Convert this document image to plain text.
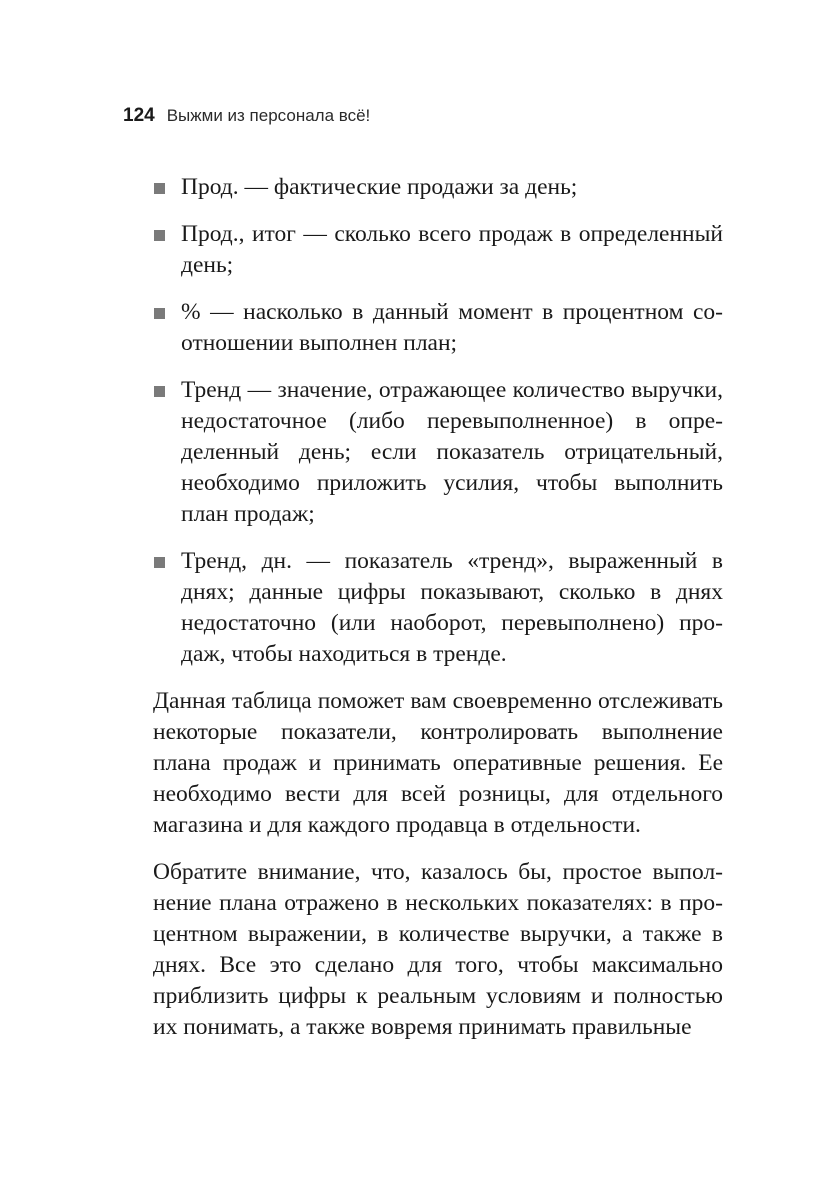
124 Выжми из персонала всё!
Прод. — фактические продажи за день;
Прод., итог — сколько всего продаж в определенный день;
% — насколько в данный момент в процентном соотношении выполнен план;
Тренд — значение, отражающее количество выручки, недостаточное (либо перевыполненное) в определенный день; если показатель отрицательный, необходимо приложить усилия, чтобы выполнить план продаж;
Тренд, дн. — показатель «тренд», выраженный в днях; данные цифры показывают, сколько в днях недостаточно (или наоборот, перевыполнено) продаж, чтобы находиться в тренде.

Данная таблица поможет вам своевременно отслеживать некоторые показатели, контролировать выполнение плана продаж и принимать оперативные решения. Ее необходимо вести для всей розницы, для отдельного магазина и для каждого продавца в отдельности.

Обратите внимание, что, казалось бы, простое выполнение плана отражено в нескольких показателях: в процентном выражении, в количестве выручки, а также в днях. Все это сделано для того, чтобы максимально приблизить цифры к реальным условиям и полностью их понимать, а также вовремя принимать правильные
